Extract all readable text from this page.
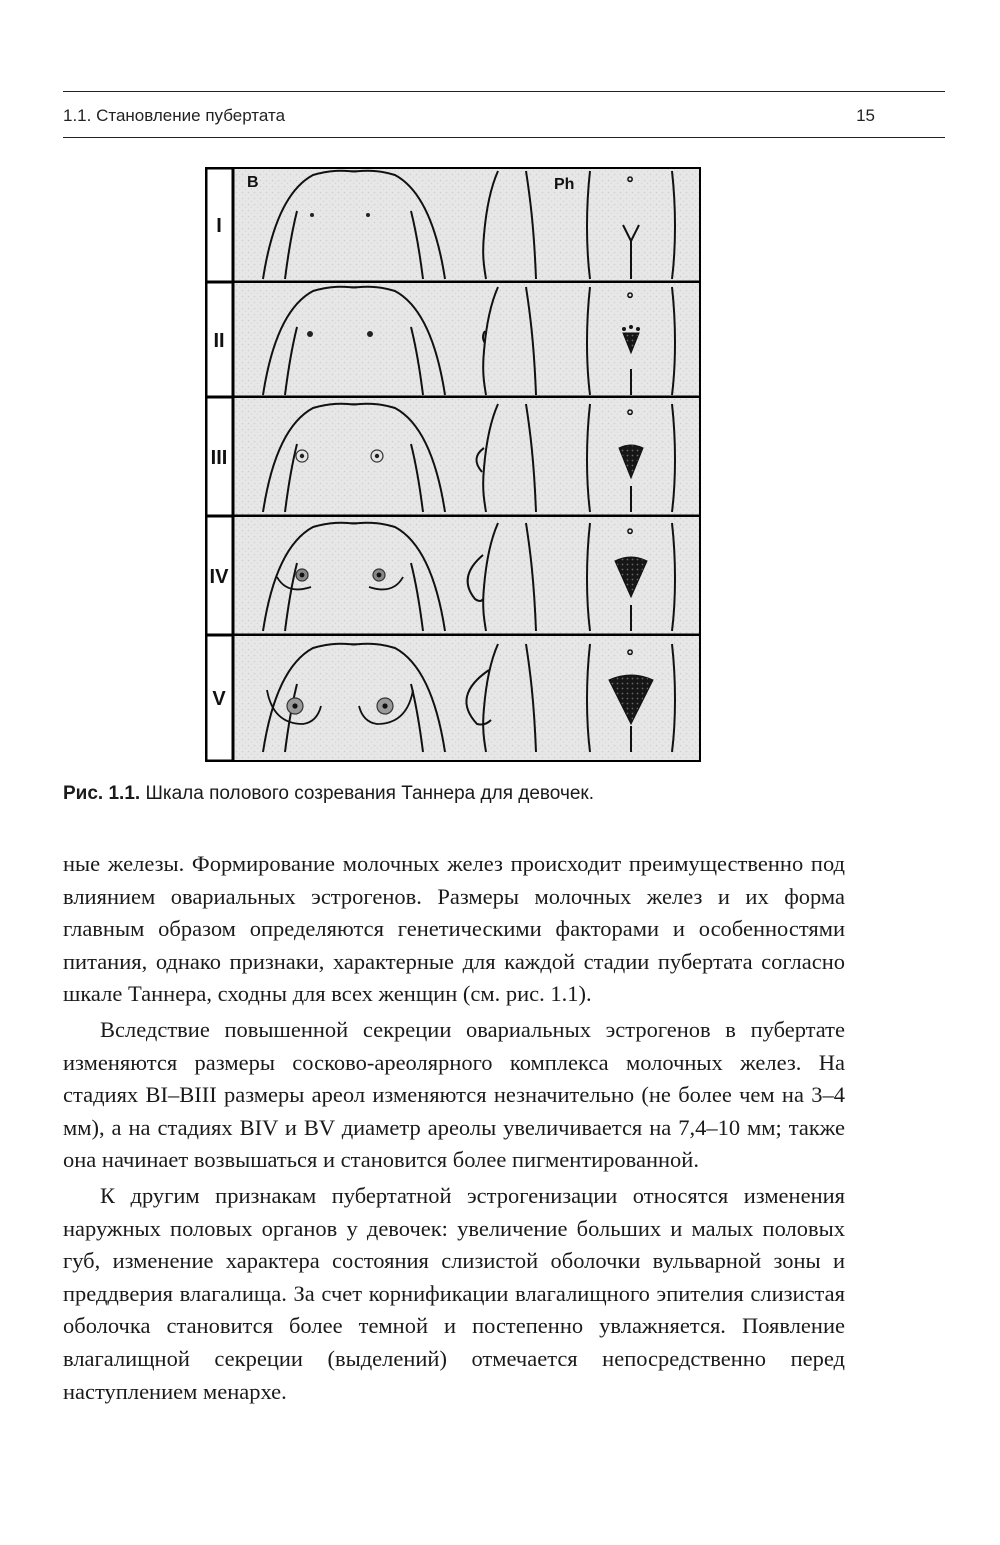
1.1. Становление пубертата	15
B	Ph
I
II
III
IV
V
Рис. 1.1. Шкала полового созревания Таннера для девочек.

ные железы. Формирование молочных желез происходит преимущественно под влиянием овариальных эстрогенов. Размеры молочных желез и их форма главным образом определяются генетическими факторами и особенностями питания, однако признаки, характерные для каждой стадии пубертата согласно шкале Таннера, сходны для всех женщин (см. рис. 1.1).

Вследствие повышенной секреции овариальных эстрогенов в пубертате изменяются размеры сосково-ареолярного комплекса молочных желез. На стадиях BI–BIII размеры ареол изменяются незначительно (не более чем на 3–4 мм), а на стадиях BIV и BV диаметр ареолы увеличивается на 7,4–10 мм; также она начинает возвышаться и становится более пигментированной.

К другим признакам пубертатной эстрогенизации относятся изменения наружных половых органов у девочек: увеличение больших и малых половых губ, изменение характера состояния слизистой оболочки вульварной зоны и преддверия влагалища. За счет корнификации влагалищного эпителия слизистая оболочка становится более темной и постепенно увлажняется. Появление влагалищной секреции (выделений) отмечается непосредственно перед наступлением менархе.
